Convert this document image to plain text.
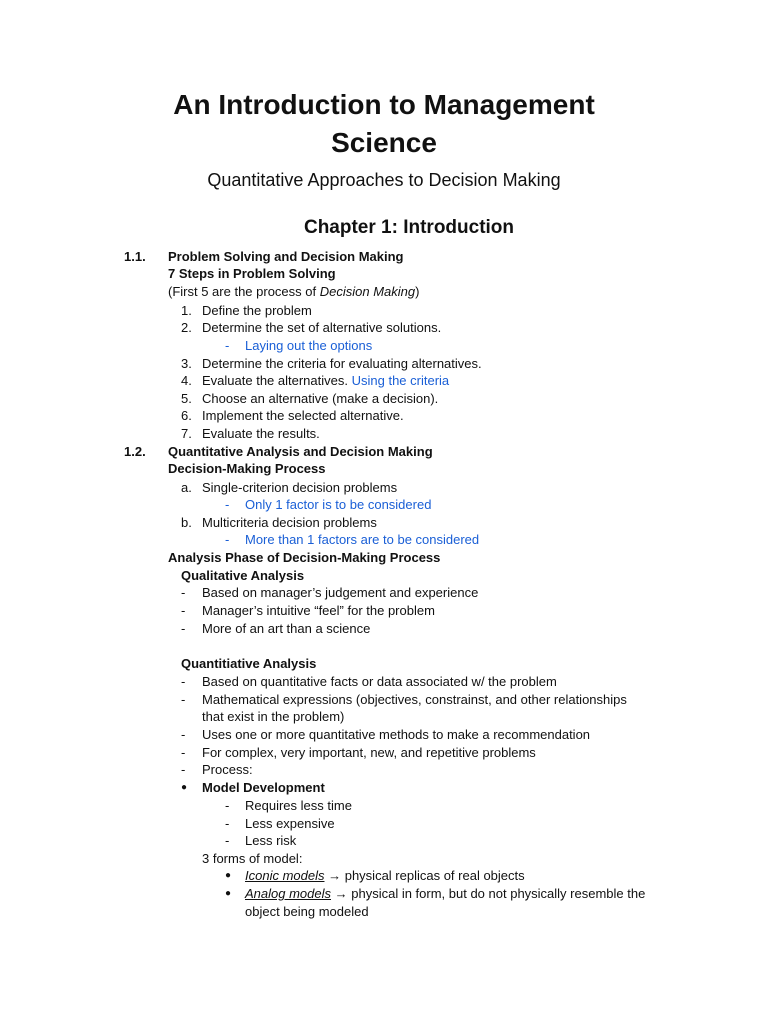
An Introduction to Management
Science
Quantitative Approaches to Decision Making
Chapter 1: Introduction
1.1. Problem Solving and Decision Making
7 Steps in Problem Solving
(First 5 are the process of Decision Making)
1. Define the problem
2. Determine the set of alternative solutions.
- Laying out the options
3. Determine the criteria for evaluating alternatives.
4. Evaluate the alternatives. Using the criteria
5. Choose an alternative (make a decision).
6. Implement the selected alternative.
7. Evaluate the results.
1.2. Quantitative Analysis and Decision Making
Decision-Making Process
a. Single-criterion decision problems
- Only 1 factor is to be considered
b. Multicriteria decision problems
- More than 1 factors are to be considered
Analysis Phase of Decision-Making Process
Qualitative Analysis
- Based on manager’s judgement and experience
- Manager’s intuitive “feel” for the problem
- More of an art than a science
Quantitiative Analysis
- Based on quantitative facts or data associated w/ the problem
- Mathematical expressions (objectives, constrainst, and other relationships
that exist in the problem)
- Uses one or more quantitative methods to make a recommendation
- For complex, very important, new, and repetitive problems
- Process:
● Model Development
- Requires less time
- Less expensive
- Less risk
3 forms of model:
● Iconic models → physical replicas of real objects
● Analog models → physical in form, but do not physically resemble the
object being modeled
